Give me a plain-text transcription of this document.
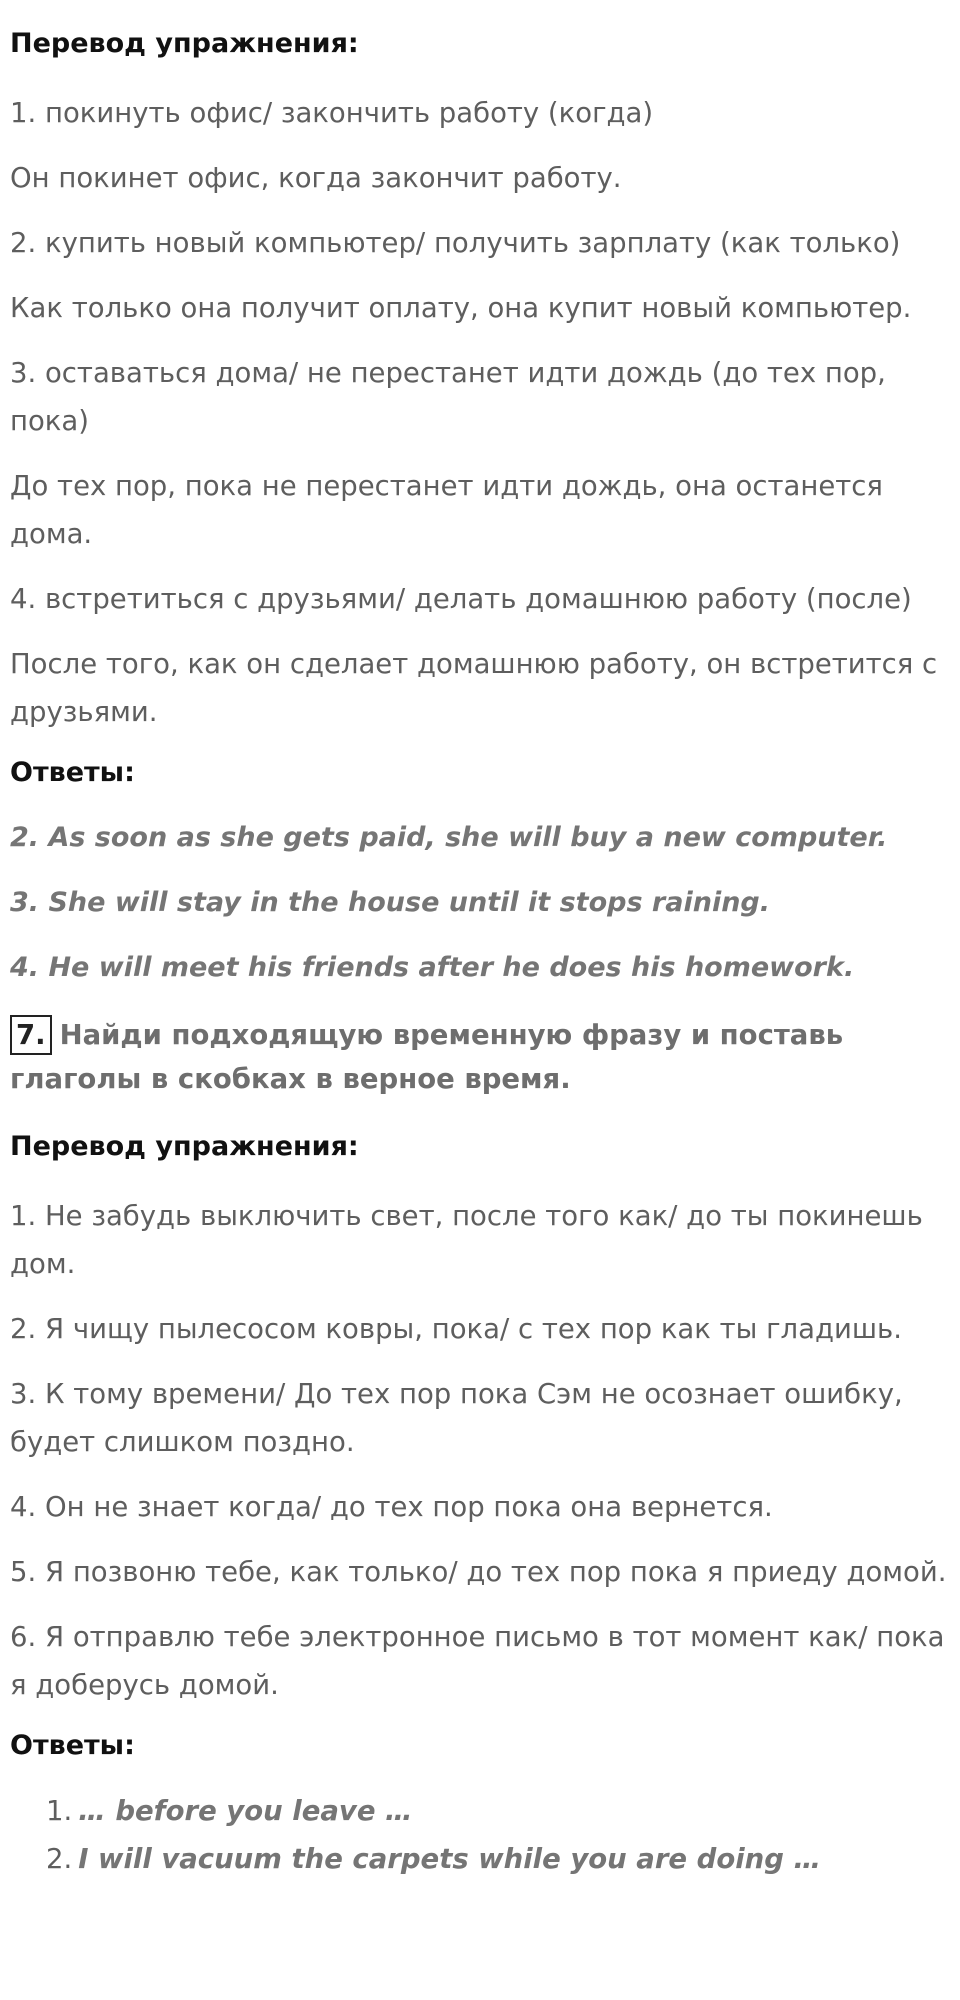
Перевод упражнения:
1. покинуть офис/ закончить работу (когда)
Он покинет офис, когда закончит работу.
2. купить новый компьютер/ получить зарплату (как только)
Как только она получит оплату, она купит новый компьютер.
3. оставаться дома/ не перестанет идти дождь (до тех пор, пока)
До тех пор, пока не перестанет идти дождь, она останется дома.
4. встретиться с друзьями/ делать домашнюю работу (после)
После того, как он сделает домашнюю работу, он встретится с друзьями.
Ответы:
2. As soon as she gets paid, she will buy a new computer.
3. She will stay in the house until it stops raining.
4. He will meet his friends after he does his homework.
7. Найди подходящую временную фразу и поставь глаголы в скобках в верное время.
Перевод упражнения:
1. Не забудь выключить свет, после того как/ до ты покинешь дом.
2. Я чищу пылесосом ковры, пока/ с тех пор как ты гладишь.
3. К тому времени/ До тех пор пока Сэм не осознает ошибку, будет слишком поздно.
4. Он не знает когда/ до тех пор пока она вернется.
5. Я позвоню тебе, как только/ до тех пор пока я приеду домой.
6. Я отправлю тебе электронное письмо в тот момент как/ пока я доберусь домой.
Ответы:
1. … before you leave …
2. I will vacuum the carpets while you are doing …
